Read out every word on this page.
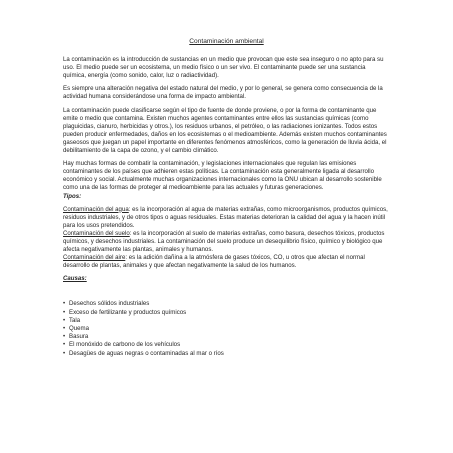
Contaminación ambiental

La contaminación es la introducción de sustancias en un medio que provocan que este sea inseguro o no apto para su uso. El medio puede ser un ecosistema, un medio físico o un ser vivo. El contaminante puede ser una sustancia química, energía (como sonido, calor, luz o radiactividad).

Es siempre una alteración negativa del estado natural del medio, y por lo general, se genera como consecuencia de la actividad humana considerándose una forma de impacto ambiental.

La contaminación puede clasificarse según el tipo de fuente de donde proviene, o por la forma de contaminante que emite o medio que contamina. Existen muchos agentes contaminantes entre ellos las sustancias químicas (como plaguicidas, cianuro, herbicidas y otros.), los residuos urbanos, el petróleo, o las radiaciones ionizantes. Todos estos pueden producir enfermedades, daños en los ecosistemas o el medioambiente. Además existen muchos contaminantes gaseosos que juegan un papel importante en diferentes fenómenos atmosféricos, como la generación de lluvia ácida, el debilitamiento de la capa de ozono, y el cambio climático.

Hay muchas formas de combatir la contaminación, y legislaciones internacionales que regulan las emisiones contaminantes de los países que adhieren estas políticas. La contaminación esta generalmente ligada al desarrollo económico y social. Actualmente muchas organizaciones internacionales como la ONU ubican al desarrollo sostenible como una de las formas de proteger al medioambiente para las actuales y futuras generaciones.

Tipos:

Contaminación del agua: es la incorporación al agua de materias extrañas, como microorganismos, productos químicos, residuos industriales, y de otros tipos o aguas residuales. Estas materias deterioran la calidad del agua y la hacen inútil para los usos pretendidos.

Contaminación del suelo: es la incorporación al suelo de materias extrañas, como basura, desechos tóxicos, productos químicos, y desechos industriales. La contaminación del suelo produce un desequilibrio físico, químico y biológico que afecta negativamente las plantas, animales y humanos.

Contaminación del aire: es la adición dañina a la atmósfera de gases tóxicos, CO, u otros que afectan el normal desarrollo de plantas, animales y que afectan negativamente la salud de los humanos.

Causas:
• Desechos sólidos industriales
• Exceso de fertilizante y productos químicos
• Tala
• Quema
• Basura
• El monóxido de carbono de los vehículos
• Desagües de aguas negras o contaminadas al mar o ríos
